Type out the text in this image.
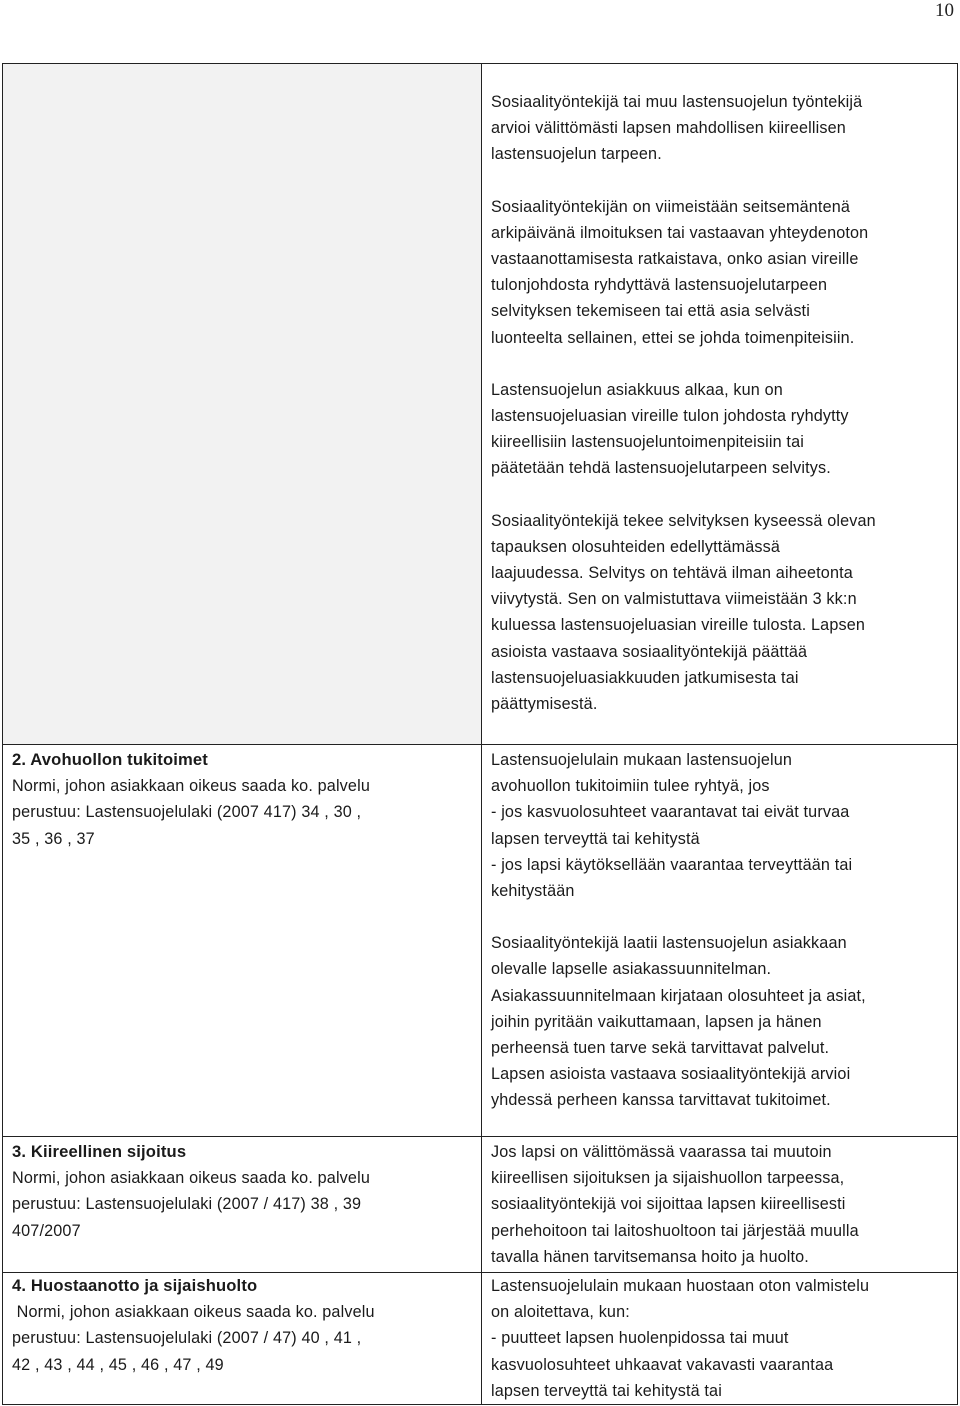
10

Sosiaalityöntekijä tai muu lastensuojelun työntekijä

arvioi välittömästi lapsen mahdollisen kiireellisen

lastensuojelun tarpeen.

Sosiaalityöntekijän on viimeistään seitsemäntenä

arkipäivänä ilmoituksen tai vastaavan yhteydenoton

vastaanottamisesta ratkaistava, onko asian vireille

tulonjohdosta ryhdyttävä lastensuojelutarpeen

selvityksen tekemiseen tai että asia selvästi

luonteelta sellainen, ettei se johda toimenpiteisiin.

Lastensuojelun asiakkuus alkaa, kun on

lastensuojeluasian vireille tulon johdosta ryhdytty

kiireellisiin lastensuojeluntoimenpiteisiin tai

päätetään tehdä lastensuojelutarpeen selvitys.

Sosiaalityöntekijä tekee selvityksen kyseessä olevan

tapauksen olosuhteiden edellyttämässä

laajuudessa. Selvitys on tehtävä ilman aiheetonta

viivytystä. Sen on valmistuttava viimeistään 3 kk:n

kuluessa lastensuojeluasian vireille tulosta. Lapsen

asioista vastaava sosiaalityöntekijä päättää

lastensuojeluasiakkuuden jatkumisesta tai

päättymisestä.

2. Avohuollon tukitoimet

Normi, johon asiakkaan oikeus saada ko. palvelu

perustuu: Lastensuojelulaki (2007 417) 34 , 30 ,

35 , 36 , 37

Lastensuojelulain mukaan lastensuojelun

avohuollon tukitoimiin tulee ryhtyä, jos

- jos kasvuolosuhteet vaarantavat tai eivät turvaa

lapsen terveyttä tai kehitystä

- jos lapsi käytöksellään vaarantaa terveyttään tai

kehitystään

Sosiaalityöntekijä laatii lastensuojelun asiakkaan

olevalle lapselle asiakassuunnitelman.

Asiakassuunnitelmaan kirjataan olosuhteet ja asiat,

joihin pyritään vaikuttamaan, lapsen ja hänen

perheensä tuen tarve sekä tarvittavat palvelut.

Lapsen asioista vastaava sosiaalityöntekijä arvioi

yhdessä perheen kanssa tarvittavat tukitoimet.

3. Kiireellinen sijoitus

Normi, johon asiakkaan oikeus saada ko. palvelu

perustuu: Lastensuojelulaki (2007 / 417) 38 , 39

407/2007

Jos lapsi on välittömässä vaarassa tai muutoin

kiireellisen sijoituksen ja sijaishuollon tarpeessa,

sosiaalityöntekijä voi sijoittaa lapsen kiireellisesti

perhehoitoon tai laitoshuoltoon tai järjestää muulla

tavalla hänen tarvitsemansa hoito ja huolto.

4. Huostaanotto ja sijaishuolto

Normi, johon asiakkaan oikeus saada ko. palvelu

perustuu: Lastensuojelulaki (2007 / 47) 40 , 41 ,

42 , 43 , 44 , 45 , 46 , 47 , 49

Lastensuojelulain mukaan huostaan oton valmistelu

on aloitettava, kun:

- puutteet lapsen huolenpidossa tai muut

kasvuolosuhteet uhkaavat vakavasti vaarantaa

lapsen terveyttä tai kehitystä tai
